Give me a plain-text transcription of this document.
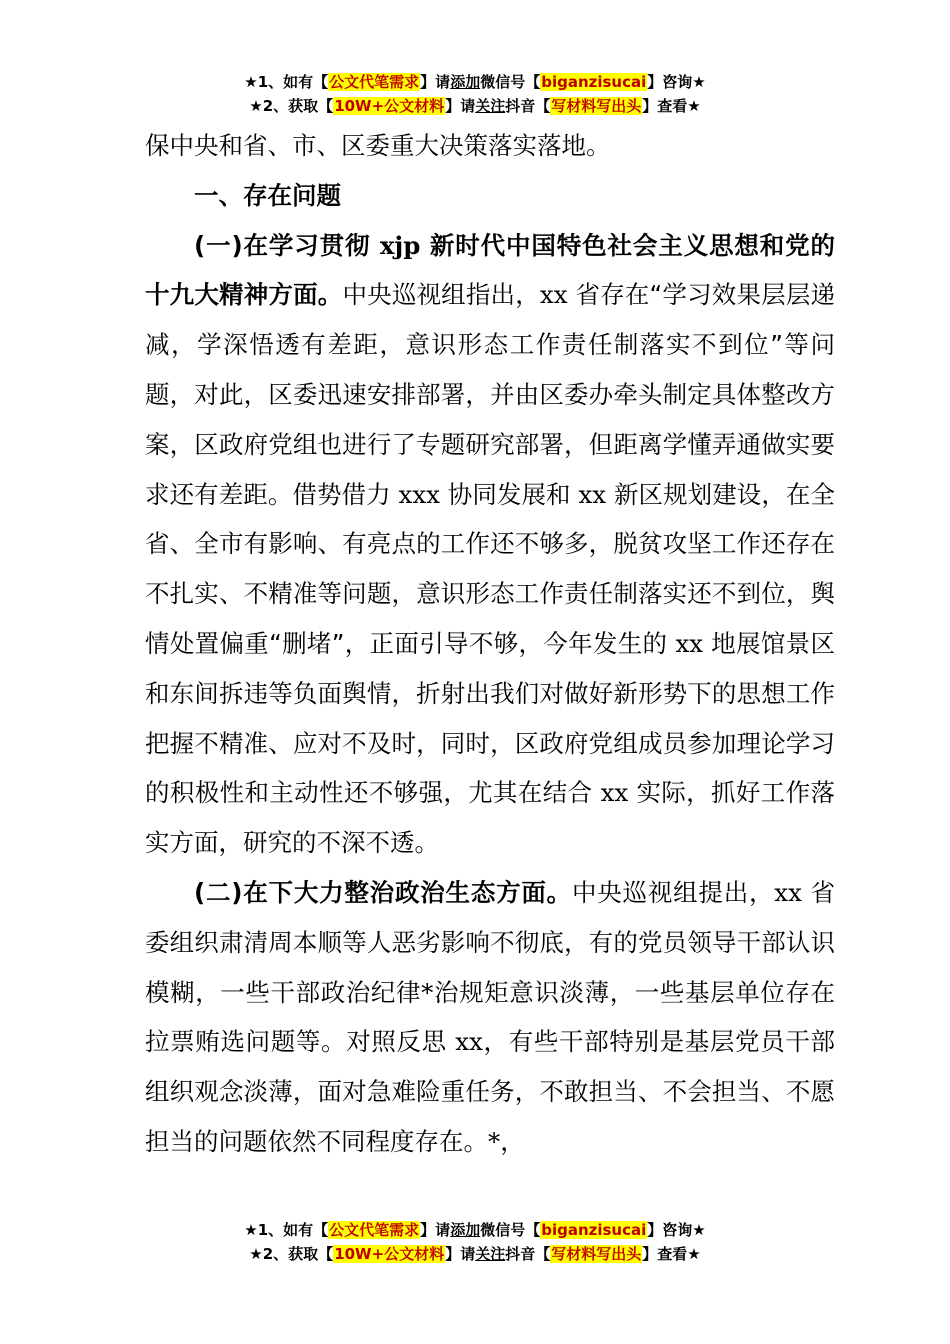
★1、如有【公文代笔需求】请添加微信号【biganzisucai】咨询★
★2、获取【10W+公文材料】请关注抖音【写材料写出头】查看★

保中央和省、市、区委重大决策落实落地。

一、存在问题

(一)在学习贯彻 xjp 新时代中国特色社会主义思想和党的十九大精神方面。中央巡视组指出，xx 省存在“学习效果层层递减，学深悟透有差距，意识形态工作责任制落实不到位”等问题，对此，区委迅速安排部署，并由区委办牵头制定具体整改方案，区政府党组也进行了专题研究部署，但距离学懂弄通做实要求还有差距。借势借力 xxx 协同发展和 xx 新区规划建设，在全省、全市有影响、有亮点的工作还不够多，脱贫攻坚工作还存在不扎实、不精准等问题，意识形态工作责任制落实还不到位，舆情处置偏重“删堵”，正面引导不够，今年发生的 xx 地展馆景区和东间拆违等负面舆情，折射出我们对做好新形势下的思想工作把握不精准、应对不及时，同时，区政府党组成员参加理论学习的积极性和主动性还不够强，尤其在结合 xx 实际，抓好工作落实方面，研究的不深不透。

(二)在下大力整治政治生态方面。中央巡视组提出，xx 省委组织肃清周本顺等人恶劣影响不彻底，有的党员领导干部认识模糊，一些干部政治纪律*治规矩意识淡薄，一些基层单位存在拉票贿选问题等。对照反思 xx，有些干部特别是基层党员干部组织观念淡薄，面对急难险重任务，不敢担当、不会担当、不愿担当的问题依然不同程度存在。*，

★1、如有【公文代笔需求】请添加微信号【biganzisucai】咨询★
★2、获取【10W+公文材料】请关注抖音【写材料写出头】查看★
